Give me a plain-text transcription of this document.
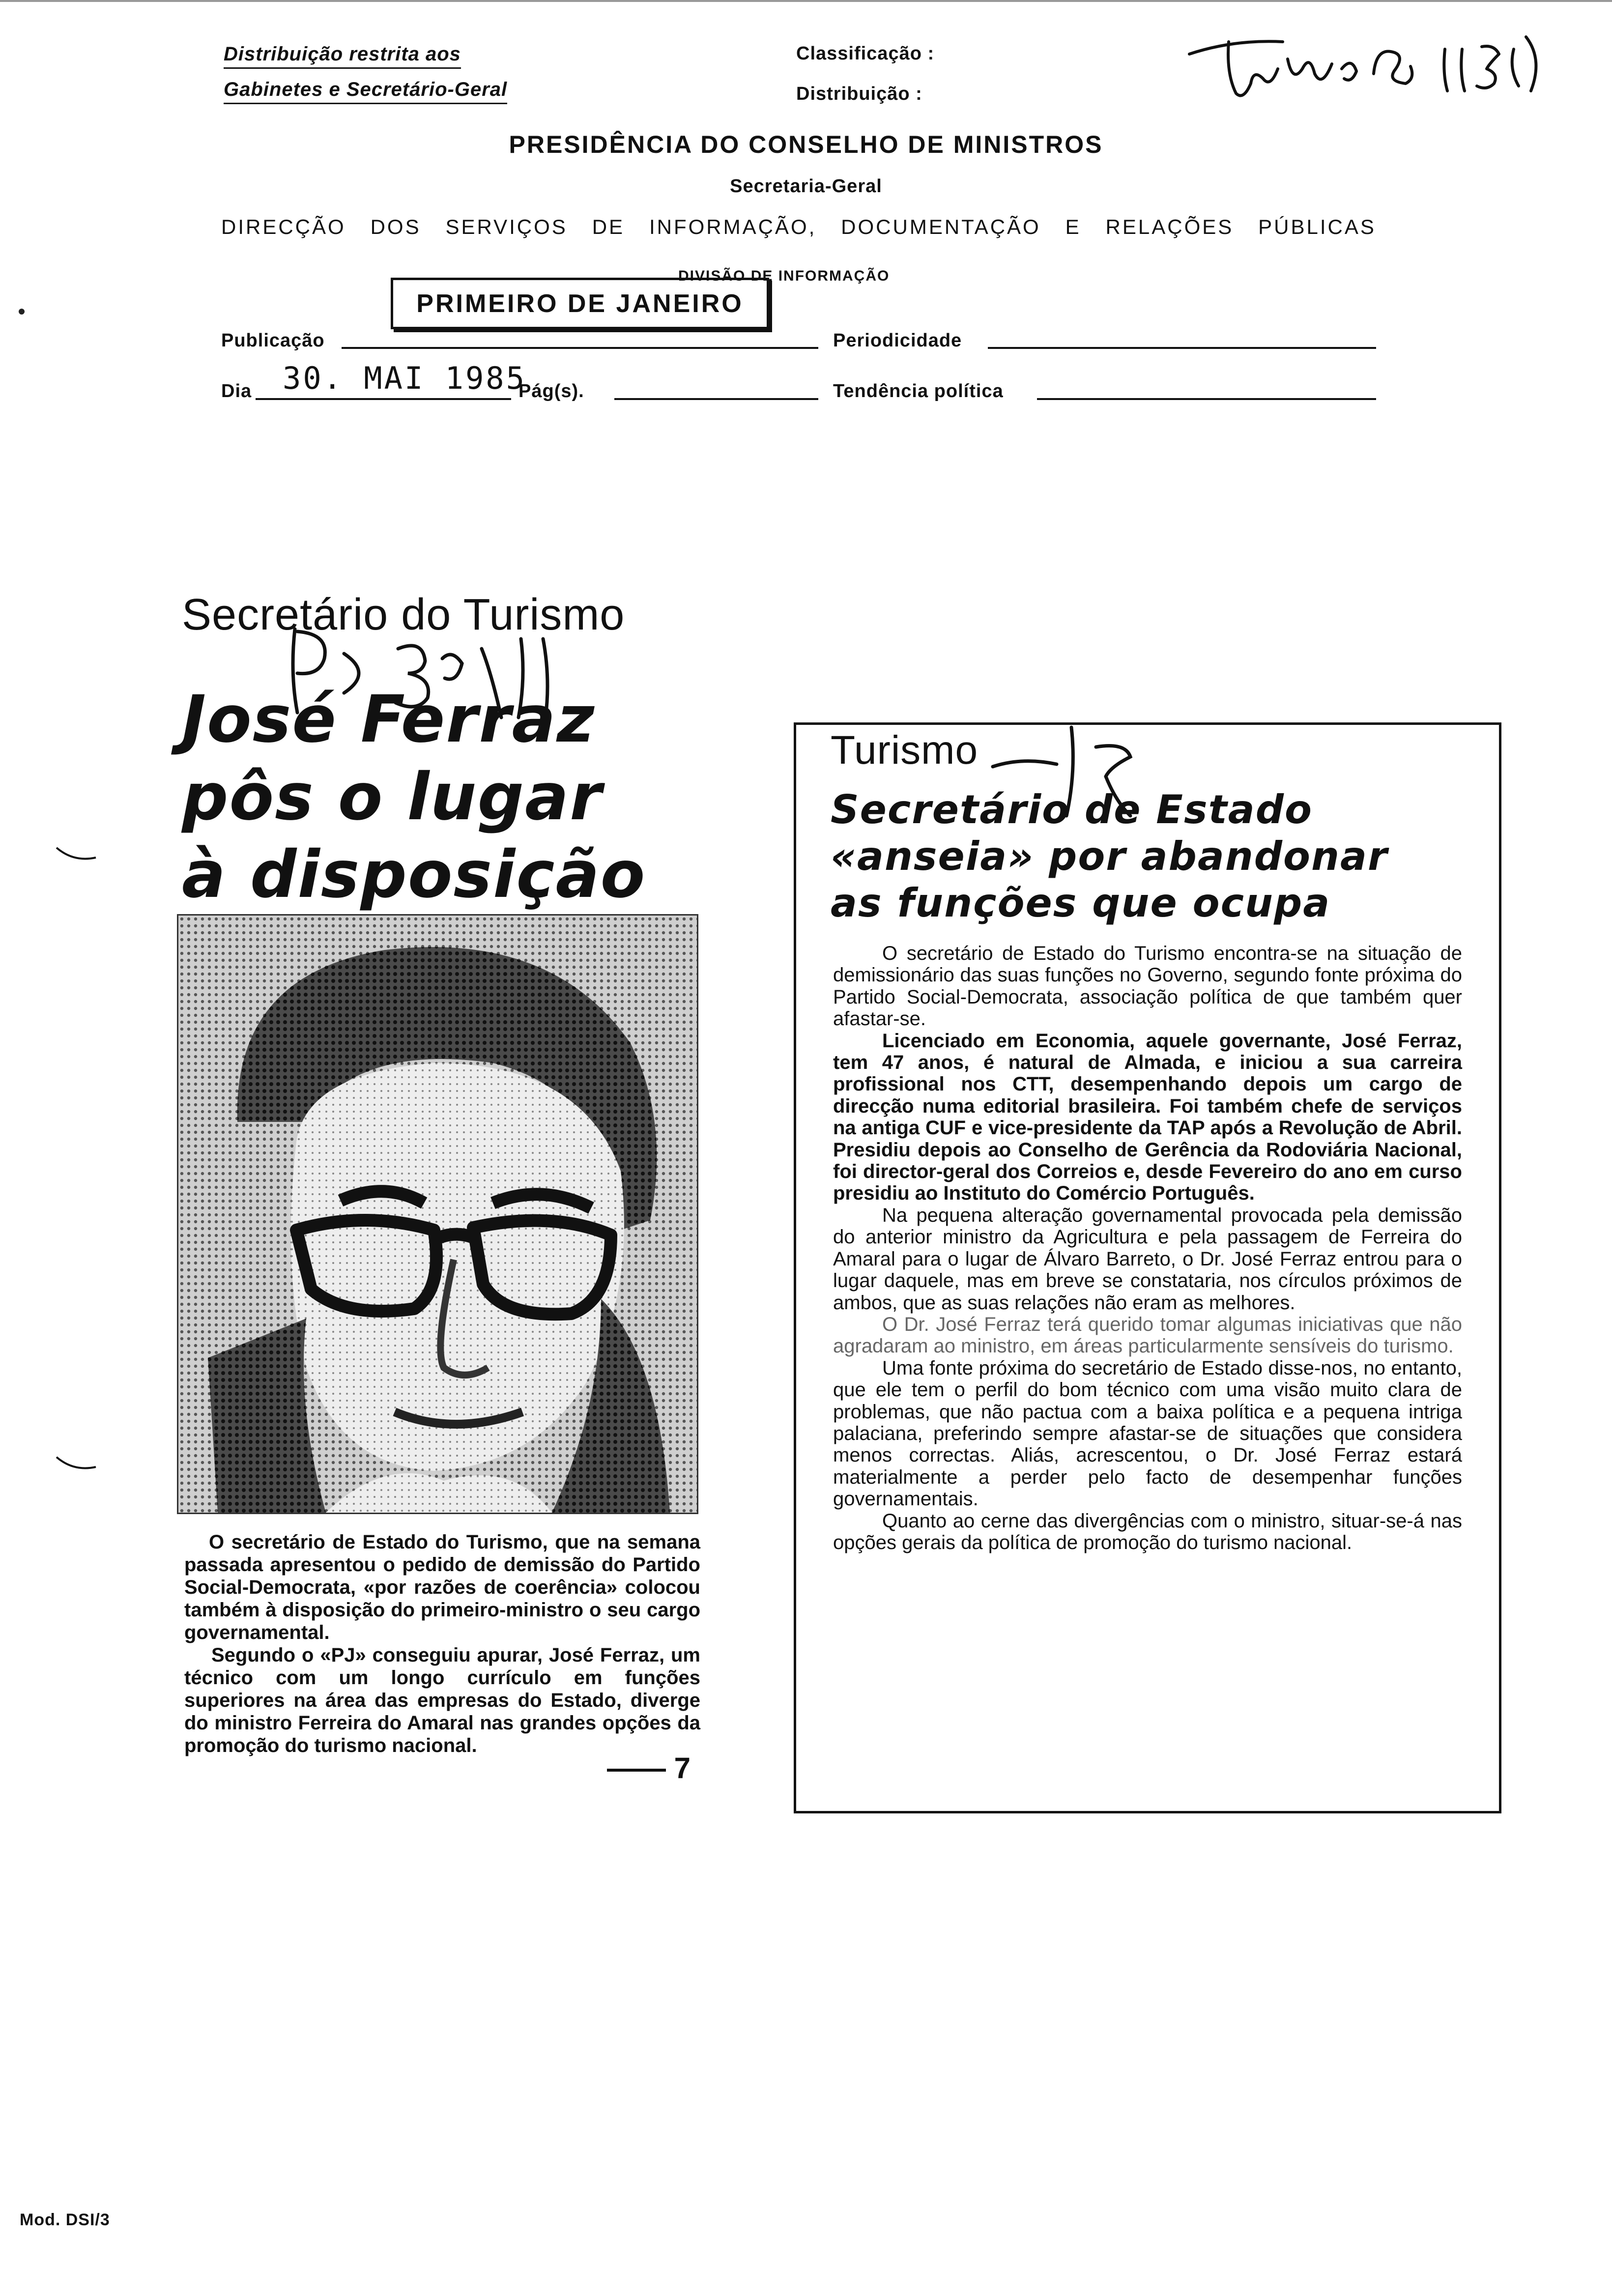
Distribuição restrita aos
Gabinetes e Secretário-Geral
Classificação :
Distribuição :
PRESIDÊNCIA DO CONSELHO DE MINISTROS
Secretaria-Geral
DIRECÇÃO DOS SERVIÇOS DE INFORMAÇÃO, DOCUMENTAÇÃO E RELAÇÕES PÚBLICAS
DIVISÃO DE INFORMAÇÃO
PRIMEIRO DE JANEIRO
Publicação	Periodicidade
Dia 30. MAI 1985
Pág(s).	Tendência política
Secretário do Turismo
José Ferraz
pôs o lugar
à disposição

O secretário de Estado do Turismo, que na semana passada apresentou o pedido de demissão do Partido Social-Democrata, «por razões de coerência» colocou também à disposição do primeiro-ministro o seu cargo governamental.

Segundo o «PJ» conseguiu apurar, José Ferraz, um técnico com um longo currículo em funções superiores na área das empresas do Estado, diverge do ministro Ferreira do Amaral nas grandes opções da promoção do turismo nacional.

—— 7
Turismo
Secretário de Estado
«anseia» por abandonar
as funções que ocupa

O secretário de Estado do Turismo encontra-se na situação de demissionário das suas funções no Governo, segundo fonte próxima do Partido Social-Democrata, associação política de que também quer afastar-se.

Licenciado em Economia, aquele governante, José Ferraz, tem 47 anos, é natural de Almada, e iniciou a sua carreira profissional nos CTT, desempenhando depois um cargo de direcção numa editorial brasileira. Foi também chefe de serviços na antiga CUF e vice-presidente da TAP após a Revolução de Abril. Presidiu depois ao Conselho de Gerência da Rodoviária Nacional, foi director-geral dos Correios e, desde Fevereiro do ano em curso presidiu ao Instituto do Comércio Português.

Na pequena alteração governamental provocada pela demissão do anterior ministro da Agricultura e pela passagem de Ferreira do Amaral para o lugar de Álvaro Barreto, o Dr. José Ferraz entrou para o lugar daquele, mas em breve se constataria, nos círculos próximos de ambos, que as suas relações não eram as melhores.

O Dr. José Ferraz terá querido tomar algumas iniciativas que não agradaram ao ministro, em áreas particularmente sensíveis do turismo.

Uma fonte próxima do secretário de Estado disse-nos, no entanto, que ele tem o perfil do bom técnico com uma visão muito clara de problemas, que não pactua com a baixa política e a pequena intriga palaciana, preferindo sempre afastar-se de situações que considera menos correctas. Aliás, acrescentou, o Dr. José Ferraz estará materialmente a perder pelo facto de desempenhar funções governamentais.

Quanto ao cerne das divergências com o ministro, situar-se-á nas opções gerais da política de promoção do turismo nacional.

Mod. DSI/3
